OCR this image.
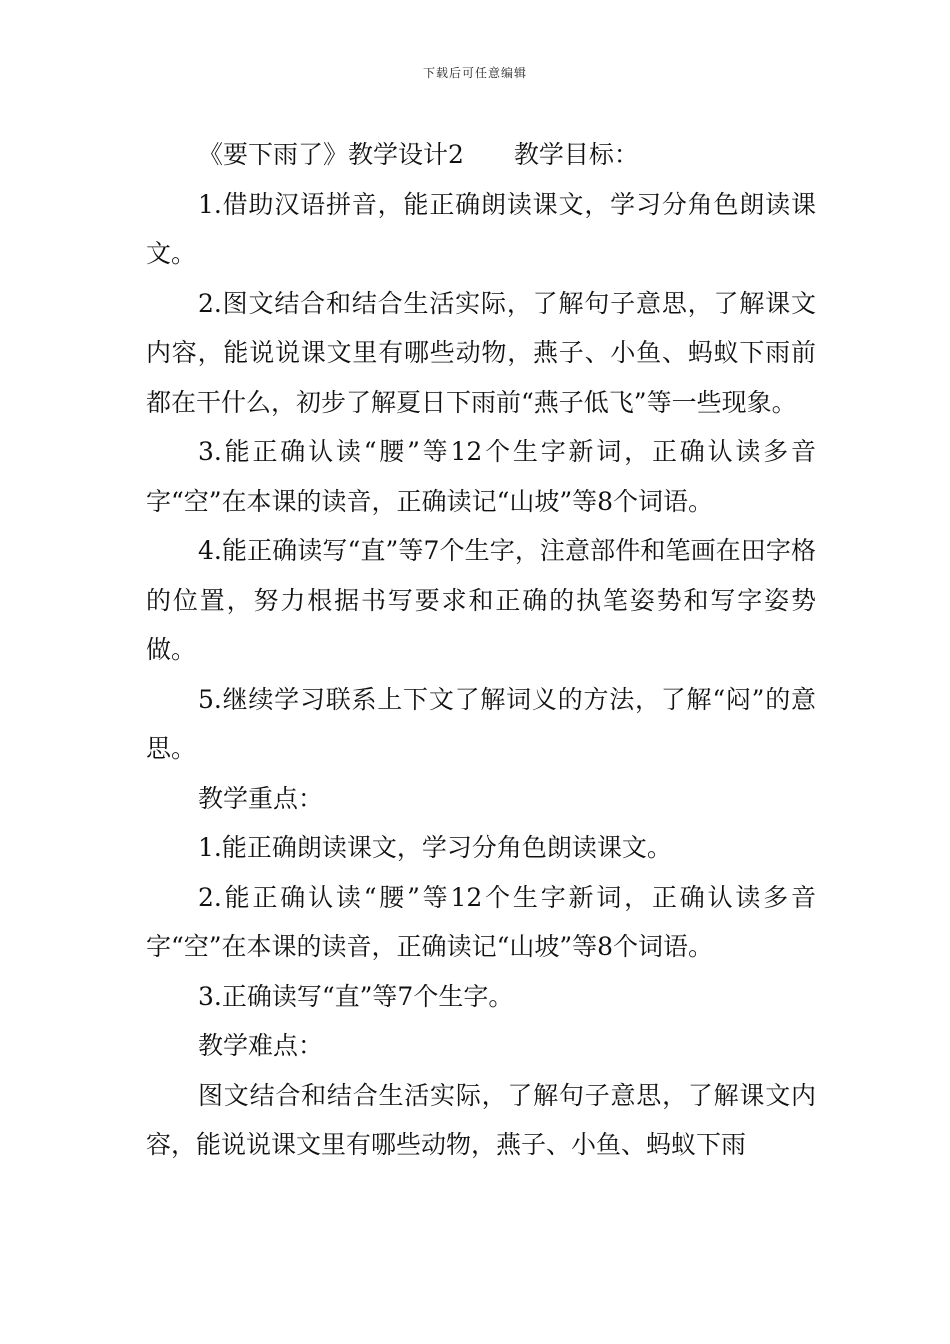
下载后可任意编辑

《要下雨了》教学设计2　　教学目标：

1.借助汉语拼音，能正确朗读课文，学习分角色朗读课文。

2.图文结合和结合生活实际，了解句子意思，了解课文内容，能说说课文里有哪些动物，燕子、小鱼、蚂蚁下雨前都在干什么，初步了解夏日下雨前“燕子低飞”等一些现象。

3.能正确认读“腰”等12个生字新词，正确认读多音字“空”在本课的读音，正确读记“山坡”等8个词语。

4.能正确读写“直”等7个生字，注意部件和笔画在田字格的位置，努力根据书写要求和正确的执笔姿势和写字姿势做。

5.继续学习联系上下文了解词义的方法，了解“闷”的意思。

教学重点：

1.能正确朗读课文，学习分角色朗读课文。

2.能正确认读“腰”等12个生字新词，正确认读多音字“空”在本课的读音，正确读记“山坡”等8个词语。

3.正确读写“直”等7个生字。

教学难点：

图文结合和结合生活实际，了解句子意思，了解课文内容，能说说课文里有哪些动物，燕子、小鱼、蚂蚁下雨
